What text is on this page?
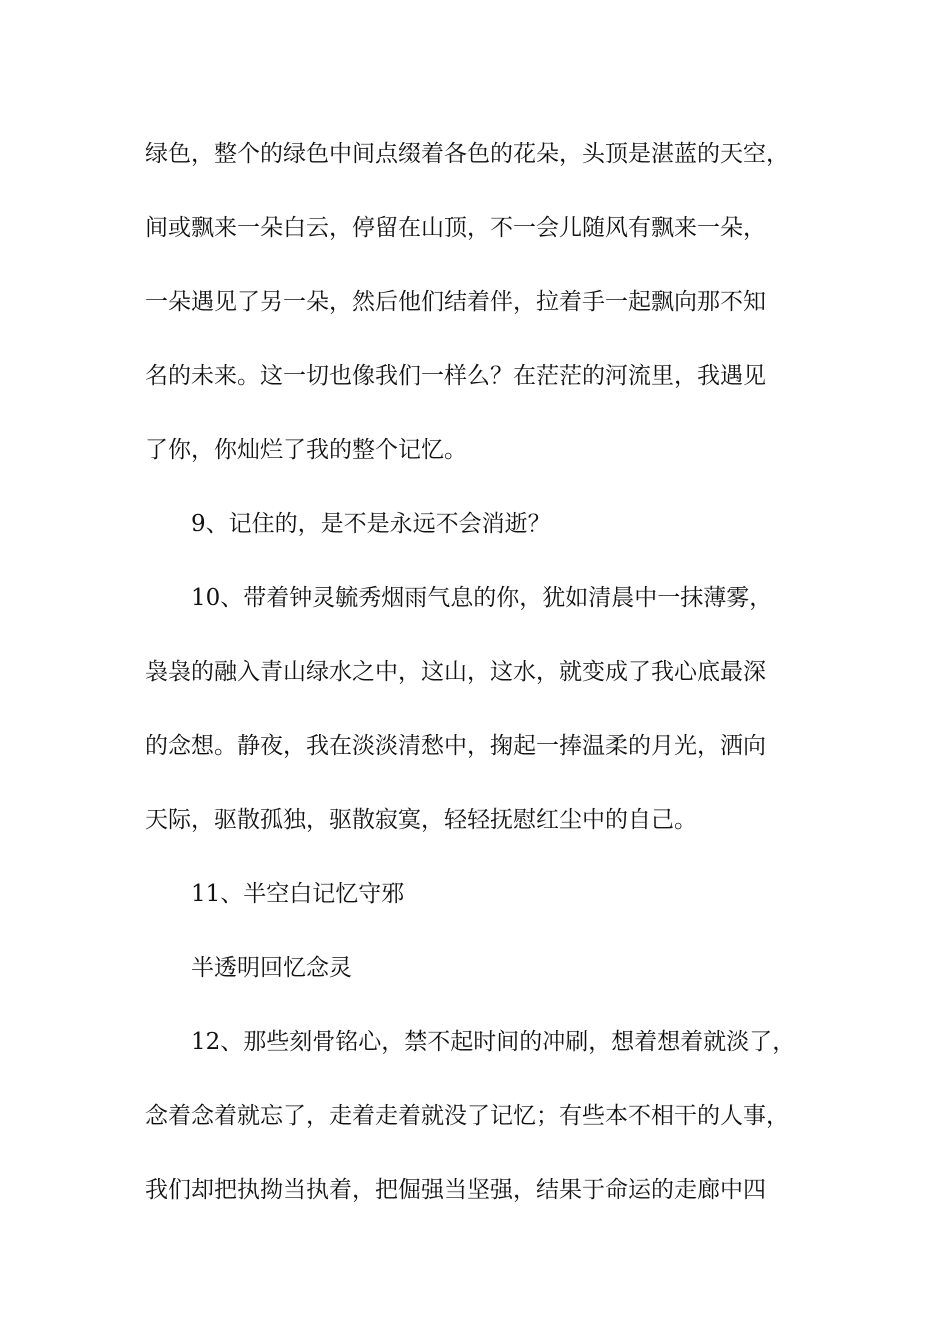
绿色，整个的绿色中间点缀着各色的花朵，头顶是湛蓝的天空，

间或飘来一朵白云，停留在山顶，不一会儿随风有飘来一朵，

一朵遇见了另一朵，然后他们结着伴，拉着手一起飘向那不知

名的未来。这一切也像我们一样么？在茫茫的河流里，我遇见

了你，你灿烂了我的整个记忆。

9、记住的，是不是永远不会消逝？

10、带着钟灵毓秀烟雨气息的你，犹如清晨中一抹薄雾，

袅袅的融入青山绿水之中，这山，这水，就变成了我心底最深

的念想。静夜，我在淡淡清愁中，掬起一捧温柔的月光，洒向

天际，驱散孤独，驱散寂寞，轻轻抚慰红尘中的自己。

11、半空白记忆守邪

半透明回忆念灵

12、那些刻骨铭心，禁不起时间的冲刷，想着想着就淡了，

念着念着就忘了，走着走着就没了记忆；有些本不相干的人事，

我们却把执拗当执着，把倔强当坚强，结果于命运的走廊中四
